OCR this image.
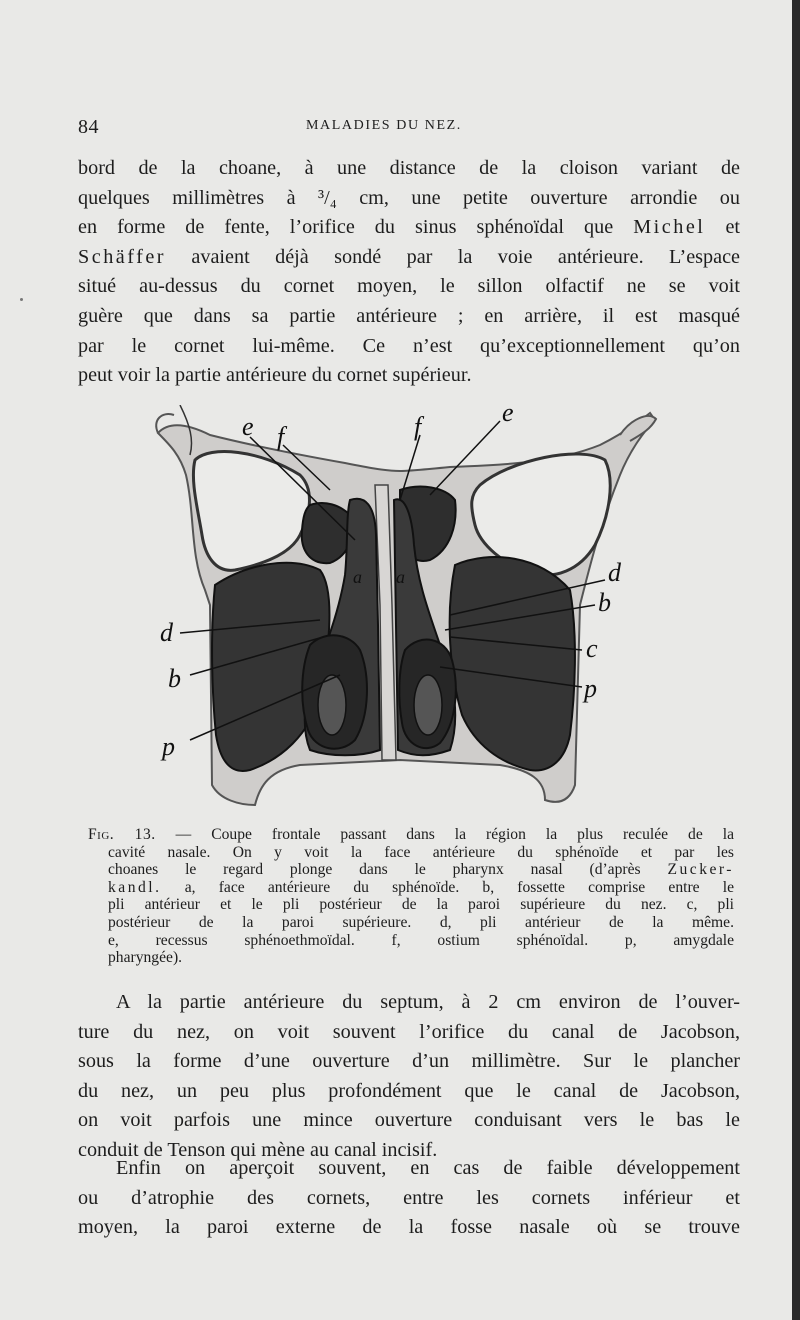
84	MALADIES DU NEZ.

bord de la choane, à une distance de la cloison variant de
quelques millimètres à ³/₄ cm, une petite ouverture arrondie ou
en forme de fente, l’orifice du sinus sphénoïdal que Michel et
Schäffer avaient déjà sondé par la voie antérieure. L’espace
situé au-dessus du cornet moyen, le sillon olfactif ne se voit
guère que dans sa partie antérieure ; en arrière, il est masqué
par le cornet lui-même. Ce n’est qu’exceptionnellement qu’on
peut voir la partie antérieure du cornet supérieur.

e f	f	e
a a
d
b
p
d
b
c
p

Fig. 13. — Coupe frontale passant dans la région la plus reculée de la
cavité nasale. On y voit la face antérieure du sphénoïde et par les
choanes le regard plonge dans le pharynx nasal (d’après Zucker-
kandl. a, face antérieure du sphénoïde. b, fossette comprise entre le
pli antérieur et le pli postérieur de la paroi supérieure du nez. c, pli
postérieur de la paroi supérieure. d, pli antérieur de la même.
e, recessus sphénoethmoïdal. f, ostium sphénoïdal. p, amygdale
pharyngée).

A la partie antérieure du septum, à 2 cm environ de l’ouver-
ture du nez, on voit souvent l’orifice du canal de Jacobson,
sous la forme d’une ouverture d’un millimètre. Sur le plancher
du nez, un peu plus profondément que le canal de Jacobson,
on voit parfois une mince ouverture conduisant vers le bas le
conduit de Tenson qui mène au canal incisif.

Enfin on aperçoit souvent, en cas de faible développement
ou d’atrophie des cornets, entre les cornets inférieur et
moyen, la paroi externe de la fosse nasale où se trouve
